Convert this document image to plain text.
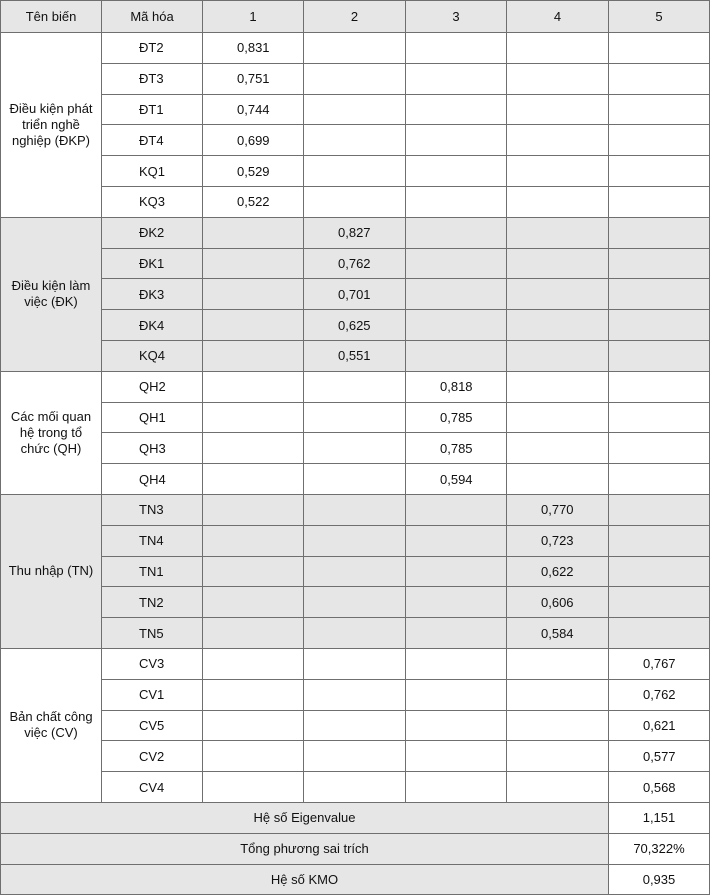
Tên biến	Mã hóa	1	2	3	4	5
Điều kiện phát triển nghề nghiệp (ĐKP)	ĐT2	0,831				
	ĐT3	0,751				
	ĐT1	0,744				
	ĐT4	0,699				
	KQ1	0,529				
	KQ3	0,522				
Điều kiện làm việc (ĐK)	ĐK2		0,827			
	ĐK1		0,762			
	ĐK3		0,701			
	ĐK4		0,625			
	KQ4		0,551			
Các mối quan hệ trong tổ chức (QH)	QH2			0,818		
	QH1			0,785		
	QH3			0,785		
	QH4			0,594		
Thu nhập (TN)	TN3				0,770	
	TN4				0,723	
	TN1				0,622	
	TN2				0,606	
	TN5				0,584	
Bản chất công việc (CV)	CV3					0,767
	CV1					0,762
	CV5					0,621
	CV2					0,577
	CV4					0,568
Hệ số Eigenvalue						1,151
Tổng phương sai trích						70,322%
Hệ số KMO						0,935
